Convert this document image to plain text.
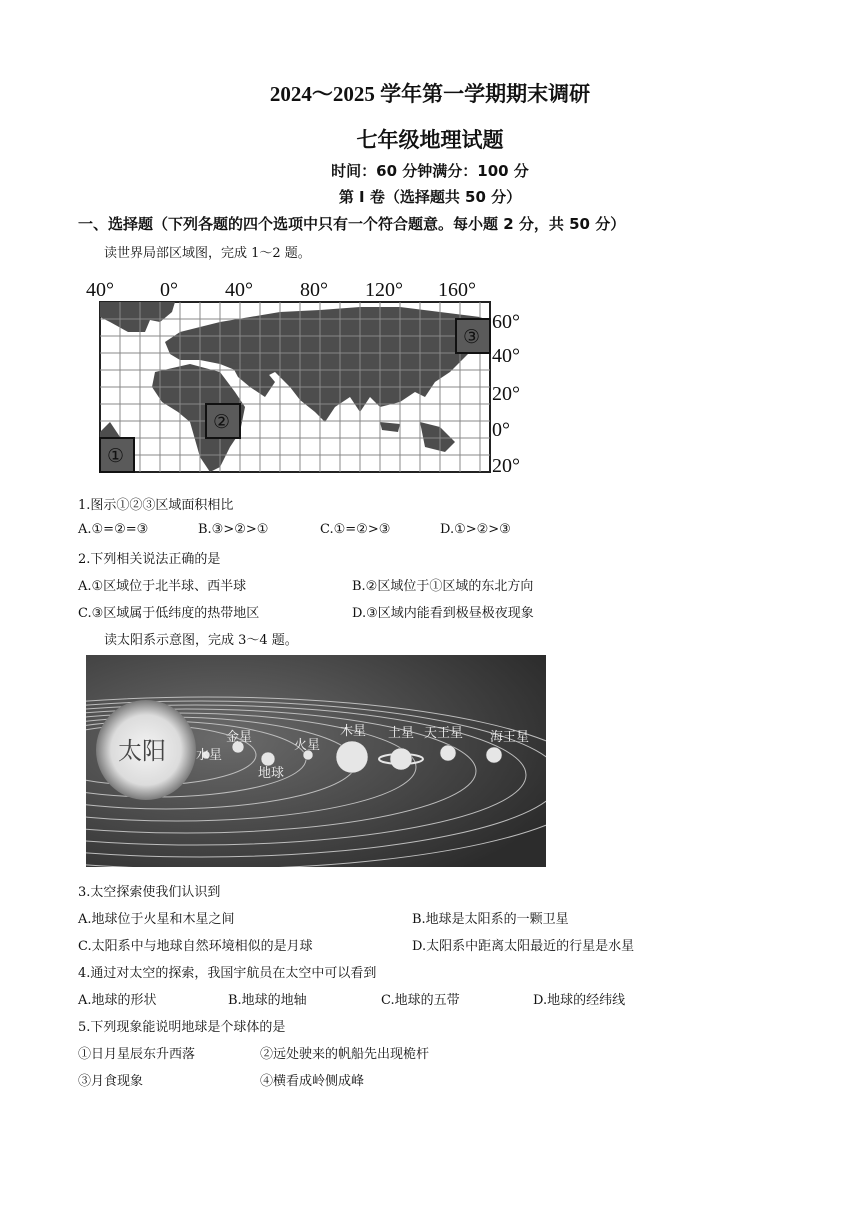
2024～2025 学年第一学期期末调研
七年级地理试题
时间：60 分钟满分：100 分
第 I 卷（选择题共 50 分）
一、选择题（下列各题的四个选项中只有一个符合题意。每小题 2 分，共 50 分）
读世界局部区域图，完成 1～2 题。
①
②
③
40° 0° 40° 80° 120° 160°
60°
40°
20°
0°
20°
1.图示①②③区域面积相比
A.①=②=③	B.③>②>①	C.①=②>③	D.①>②>③
2.下列相关说法正确的是
A.①区域位于北半球、西半球	B.②区域位于①区域的东北方向
C.③区域属于低纬度的热带地区	D.③区域内能看到极昼极夜现象
读太阳系示意图，完成 3～4 题。
太阳 水星
金星
地球
火星
木星 土星 天王星 海王星
3.太空探索使我们认识到
A.地球位于火星和木星之间	B.地球是太阳系的一颗卫星
C.太阳系中与地球自然环境相似的是月球	D.太阳系中距离太阳最近的行星是水星
4.通过对太空的探索，我国宇航员在太空中可以看到
A.地球的形状	B.地球的地轴	C.地球的五带	D.地球的经纬线
5.下列现象能说明地球是个球体的是
①日月星辰东升西落	②远处驶来的帆船先出现桅杆
③月食现象	④横看成岭侧成峰
